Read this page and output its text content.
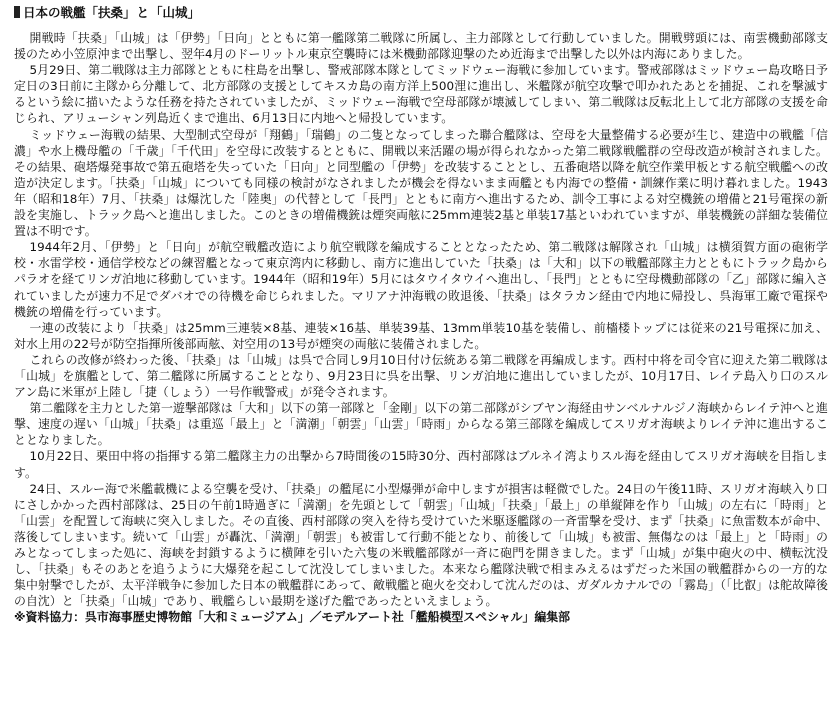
日本の戦艦 「扶桑」 と 「山城」

開戦時「扶桑」「山城」は「伊勢」「日向」とともに第一艦隊第二戦隊に所属し、主力部隊として行動していました。開戦劈頭には、南雲機動部隊支援のため小笠原沖まで出撃し、翌年4月のドーリットル東京空襲時には米機動部隊迎撃のため近海まで出撃した以外は内海にありました。

5月29日、第二戦隊は主力部隊とともに柱島を出撃し、警戒部隊本隊としてミッドウェー海戦に参加しています。警戒部隊はミッドウェー島攻略日予定日の3日前に主隊から分離して、北方部隊の支援としてキスカ島の南方洋上500浬に進出し、米艦隊が航空攻撃で叩かれたあとを捕捉、これを撃滅するという絵に描いたような任務を持たされていましたが、ミッドウェー海戦で空母部隊が壊滅してしまい、第二戦隊は反転北上して北方部隊の支援を命じられ、アリューシャン列島近くまで進出、6月13日に内地へと帰投しています。

ミッドウェー海戦の結果、大型制式空母が「翔鶴」「瑞鶴」の二隻となってしまった聯合艦隊は、空母を大量整備する必要が生じ、建造中の戦艦「信濃」や水上機母艦の「千歳」「千代田」を空母に改装するとともに、開戦以来活躍の場が得られなかった第二戦隊戦艦群の空母改造が検討されました。その結果、砲塔爆発事故で第五砲塔を失っていた「日向」と同型艦の「伊勢」を改装することとし、五番砲塔以降を航空作業甲板とする航空戦艦への改造が決定します。「扶桑」「山城」についても同様の検討がなされましたが機会を得ないまま両艦とも内海での整備・訓練作業に明け暮れました。1943年（昭和18年）7月、「扶桑」は爆沈した「陸奥」の代替として「長門」とともに南方へ進出するため、訓令工事による対空機銃の増備と21号電探の新設を実施し、トラック島へと進出しました。このときの増備機銃は煙突両舷に25mm連装2基と単装17基といわれていますが、単装機銃の詳細な装備位置は不明です。

1944年2月、「伊勢」と「日向」が航空戦艦改造により航空戦隊を編成することとなったため、第二戦隊は解隊され「山城」は横須賀方面の砲術学校・水雷学校・通信学校などの練習艦となって東京湾内に移動し、南方に進出していた「扶桑」は「大和」以下の戦艦部隊主力とともにトラック島からパラオを経てリンガ泊地に移動しています。1944年（昭和19年）5月にはタウイタウイへ進出し、「長門」とともに空母機動部隊の「乙」部隊に編入されていましたが速力不足でダバオでの待機を命じられました。マリアナ沖海戦の敗退後、「扶桑」はタラカン経由で内地に帰投し、呉海軍工廠で電探や機銃の増備を行っています。

一連の改装により「扶桑」は25mm三連装×8基、連装×16基、単装39基、13mm単装10基を装備し、前檣楼トップには従来の21号電探に加え、対水上用の22号が防空指揮所後部両舷、対空用の13号が煙突の両舷に装備されました。

これらの改修が終わった後、「扶桑」は「山城」は呉で合同し9月10日付け伝統ある第二戦隊を再編成します。西村中将を司令官に迎えた第二戦隊は「山城」を旗艦として、第二艦隊に所属することとなり、9月23日に呉を出撃、リンガ泊地に進出していましたが、10月17日、レイテ島入り口のスルアン島に米軍が上陸し「捷（しょう）一号作戦警戒」が発令されます。

第二艦隊を主力とした第一遊撃部隊は「大和」以下の第一部隊と「金剛」以下の第二部隊がシブヤン海経由サンベルナルジノ海峡からレイテ沖へと進撃、速度の遅い「山城」「扶桑」は重巡「最上」と「満潮」「朝雲」「山雲」「時雨」からなる第三部隊を編成してスリガオ海峡よりレイテ沖に進出することとなりました。

10月22日、栗田中将の指揮する第二艦隊主力の出撃から7時間後の15時30分、西村部隊はブルネイ湾よりスル海を経由してスリガオ海峡を目指します。

24日、スルー海で米艦載機による空襲を受け、「扶桑」の艦尾に小型爆弾が命中しますが損害は軽微でした。24日の午後11時、スリガオ海峡入り口にさしかかった西村部隊は、25日の午前1時過ぎに「満潮」を先頭として「朝雲」「山城」「扶桑」「最上」の単縦陣を作り「山城」の左右に「時雨」と「山雲」を配置して海峡に突入しました。その直後、西村部隊の突入を待ち受けていた米駆逐艦隊の一斉雷撃を受け、まず「扶桑」に魚雷数本が命中、落後してしまいます。続いて「山雲」が轟沈、「満潮」「朝雲」も被雷して行動不能となり、前後して「山城」も被雷、無傷なのは「最上」と「時雨」のみとなってしまった処に、海峡を封鎖するように横陣を引いた六隻の米戦艦部隊が一斉に砲門を開きました。まず「山城」が集中砲火の中、横転沈没し、「扶桑」もそのあとを追うように大爆発を起こして沈没してしまいました。本来なら艦隊決戦で相まみえるはずだった米国の戦艦群からの一方的な集中射撃でしたが、太平洋戦争に参加した日本の戦艦群にあって、敵戦艦と砲火を交わして沈んだのは、ガダルカナルでの「霧島」（「比叡」は舵故障後の自沈）と「扶桑」「山城」であり、戦艦らしい最期を遂げた艦であったといえましょう。

※資料協力：呉市海事歴史博物館「大和ミュージアム」／モデルアート社「艦船模型スペシャル」編集部
